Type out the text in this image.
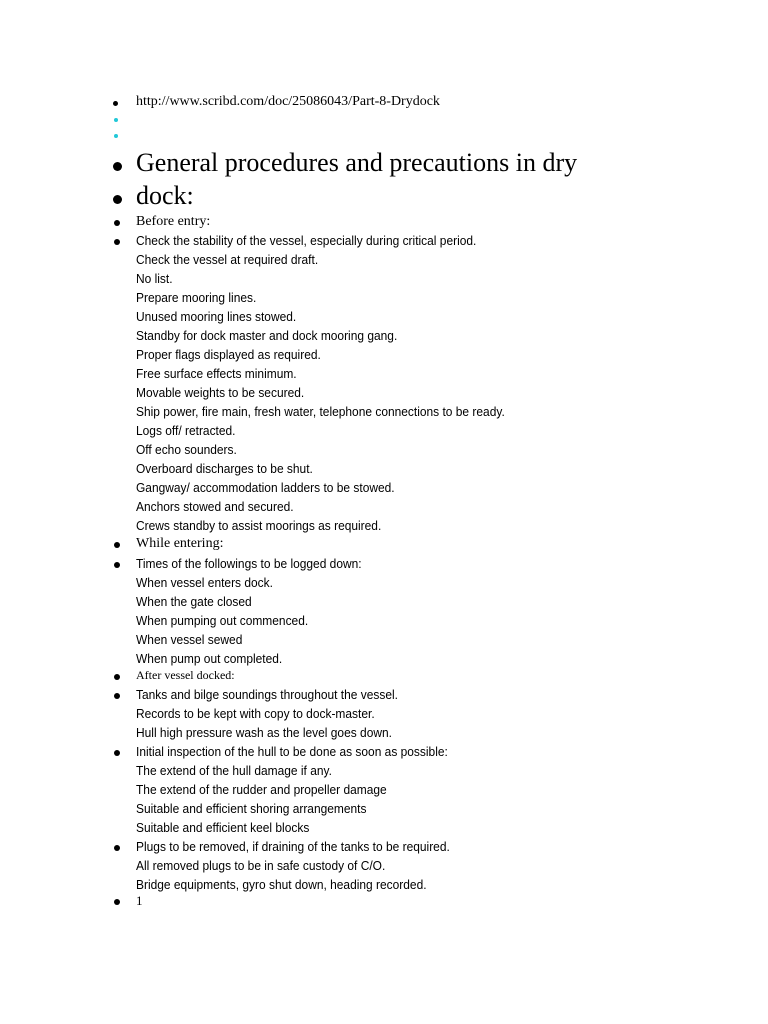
http://www.scribd.com/doc/25086043/Part-8-Drydock
General procedures and precautions in dry
dock:
Before entry:
Check the stability of the vessel, especially during critical period.
Check the vessel at required draft.
No list.
Prepare mooring lines.
Unused mooring lines stowed.
Standby for dock master and dock mooring gang.
Proper flags displayed as required.
Free surface effects minimum.
Movable weights to be secured.
Ship power, fire main, fresh water, telephone connections to be ready.
Logs off/ retracted.
Off echo sounders.
Overboard discharges to be shut.
Gangway/ accommodation ladders to be stowed.
Anchors stowed and secured.
Crews standby to assist moorings as required.
While entering:
Times of the followings to be logged down:
When vessel enters dock.
When the gate closed
When pumping out commenced.
When vessel sewed
When pump out completed.
After vessel docked:
Tanks and bilge soundings throughout the vessel.
Records to be kept with copy to dock-master.
Hull high pressure wash as the level goes down.
Initial inspection of the hull to be done as soon as possible:
The extend of the hull damage if any.
The extend of the rudder and propeller damage
Suitable and efficient shoring arrangements
Suitable and efficient keel blocks
Plugs to be removed, if draining of the tanks to be required.
All removed plugs to be in safe custody of C/O.
Bridge equipments, gyro shut down, heading recorded.
1
